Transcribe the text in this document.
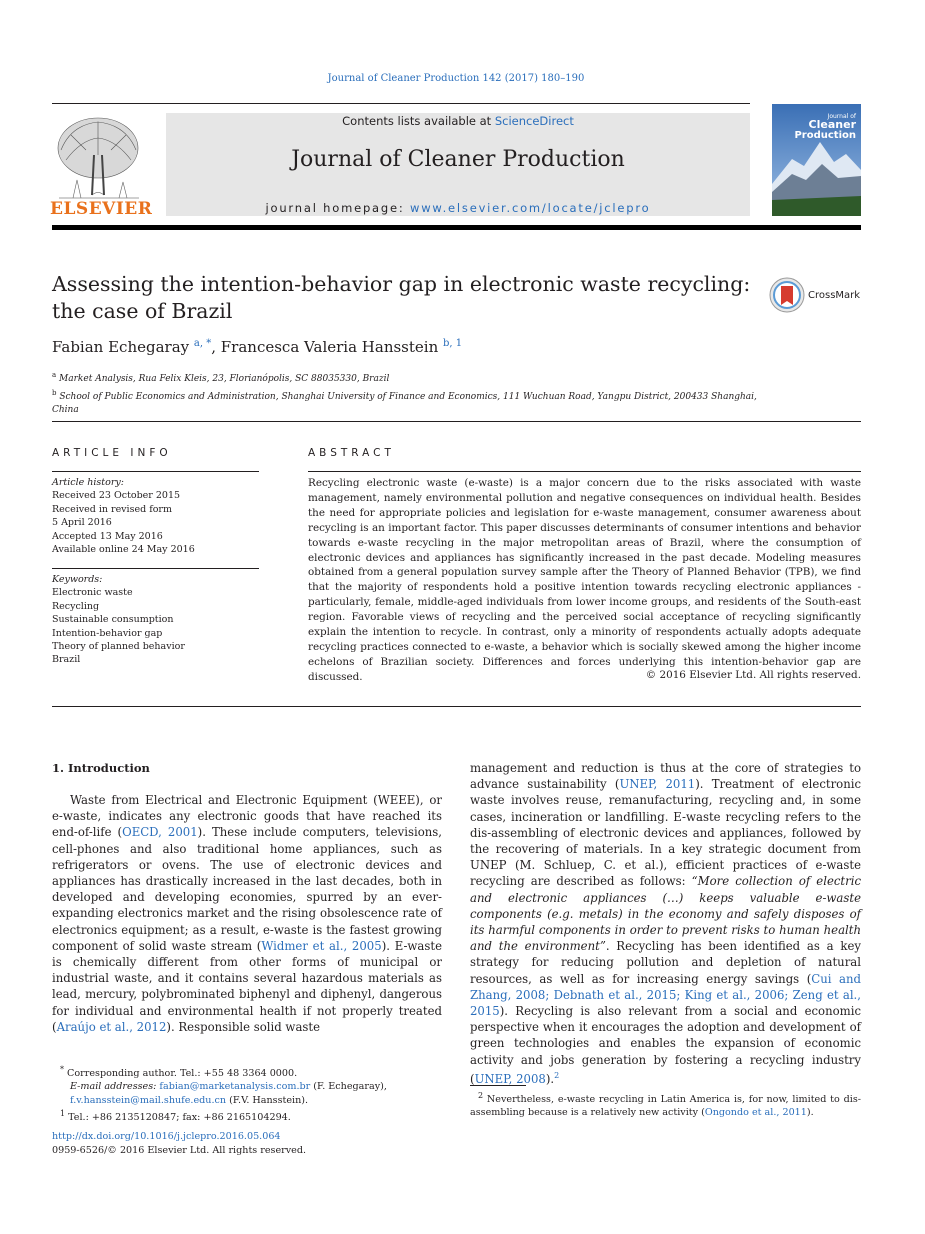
Journal of Cleaner Production 142 (2017) 180–190
ELSEVIER
Contents lists available at ScienceDirect
Journal of Cleaner Production
journal homepage: www.elsevier.com/locate/jclepro
Journal of
Cleaner
Production
Assessing the intention-behavior gap in electronic waste recycling:
the case of Brazil
CrossMark
Fabian Echegaray $^{a, *}$, Francesca Valeria Hansstein $^{b, 1}$
$^a$ Market Analysis, Rua Felix Kleis, 23, Florianópolis, SC 88035330, Brazil
$^b$ School of Public Economics and Administration, Shanghai University of Finance and Economics, 111 Wuchuan Road, Yangpu District, 200433 Shanghai, China
ARTICLE INFO	ABSTRACT
Article history:
Received 23 October 2015
Received in revised form
5 April 2016
Accepted 13 May 2016
Available online 24 May 2016
Keywords:
Electronic waste
Recycling
Sustainable consumption
Intention-behavior gap
Theory of planned behavior
Brazil
Recycling electronic waste (e-waste) is a major concern due to the risks associated with waste management, namely environmental pollution and negative consequences on individual health. Besides the need for appropriate policies and legislation for e-waste management, consumer awareness about recycling is an important factor. This paper discusses determinants of consumer intentions and behavior towards e-waste recycling in the major metropolitan areas of Brazil, where the consumption of electronic devices and appliances has significantly increased in the past decade. Modeling measures obtained from a general population survey sample after the Theory of Planned Behavior (TPB), we find that the majority of respondents hold a positive intention towards recycling electronic appliances - particularly, female, middle-aged individuals from lower income groups, and residents of the South-east region. Favorable views of recycling and the perceived social acceptance of recycling significantly explain the intention to recycle. In contrast, only a minority of respondents actually adopts adequate recycling practices connected to e-waste, a behavior which is socially skewed among the higher income echelons of Brazilian society. Differences and forces underlying this intention-behavior gap are discussed.	© 2016 Elsevier Ltd. All rights reserved.
1. Introduction

Waste from Electrical and Electronic Equipment (WEEE), or e-waste, indicates any electronic goods that have reached its end-of-life (OECD, 2001). These include computers, televisions, cell-phones and also traditional home appliances, such as refrigerators or ovens. The use of electronic devices and appliances has drastically increased in the last decades, both in developed and developing economies, spurred by an ever-expanding electronics market and the rising obsolescence rate of electronics equipment; as a result, e-waste is the fastest growing component of solid waste stream (Widmer et al., 2005). E-waste is chemically different from other forms of municipal or industrial waste, and it contains several hazardous materials as lead, mercury, polybrominated biphenyl and diphenyl, dangerous for individual and environmental health if not properly treated (Araújo et al., 2012). Responsible solid waste

management and reduction is thus at the core of strategies to advance sustainability (UNEP, 2011). Treatment of electronic waste involves reuse, remanufacturing, recycling and, in some cases, incineration or landfilling. E-waste recycling refers to the dis-assembling of electronic devices and appliances, followed by the recovering of materials. In a key strategic document from UNEP (M. Schluep, C. et al.), efficient practices of e-waste recycling are described as follows: “More collection of electric and electronic appliances (…) keeps valuable e-waste components (e.g. metals) in the economy and safely disposes of its harmful components in order to prevent risks to human health and the environment”. Recycling has been identified as a key strategy for reducing pollution and depletion of natural resources, as well as for increasing energy savings (Cui and Zhang, 2008; Debnath et al., 2015; King et al., 2006; Zeng et al., 2015). Recycling is also relevant from a social and economic perspective when it encourages the adoption and development of green technologies and enables the expansion of economic activity and jobs generation by fostering a recycling industry (UNEP, 2008).$^2$

* Corresponding author. Tel.: +55 48 3364 0000.
E-mail addresses: fabian@marketanalysis.com.br (F. Echegaray), f.v.hansstein@mail.shufe.edu.cn (F.V. Hansstein).
$^1$ Tel.: +86 2135120847; fax: +86 2165104294.
$^2$ Nevertheless, e-waste recycling in Latin America is, for now, limited to dis-assembling because is a relatively new activity (Ongondo et al., 2011).
http://dx.doi.org/10.1016/j.jclepro.2016.05.064
0959-6526/© 2016 Elsevier Ltd. All rights reserved.
